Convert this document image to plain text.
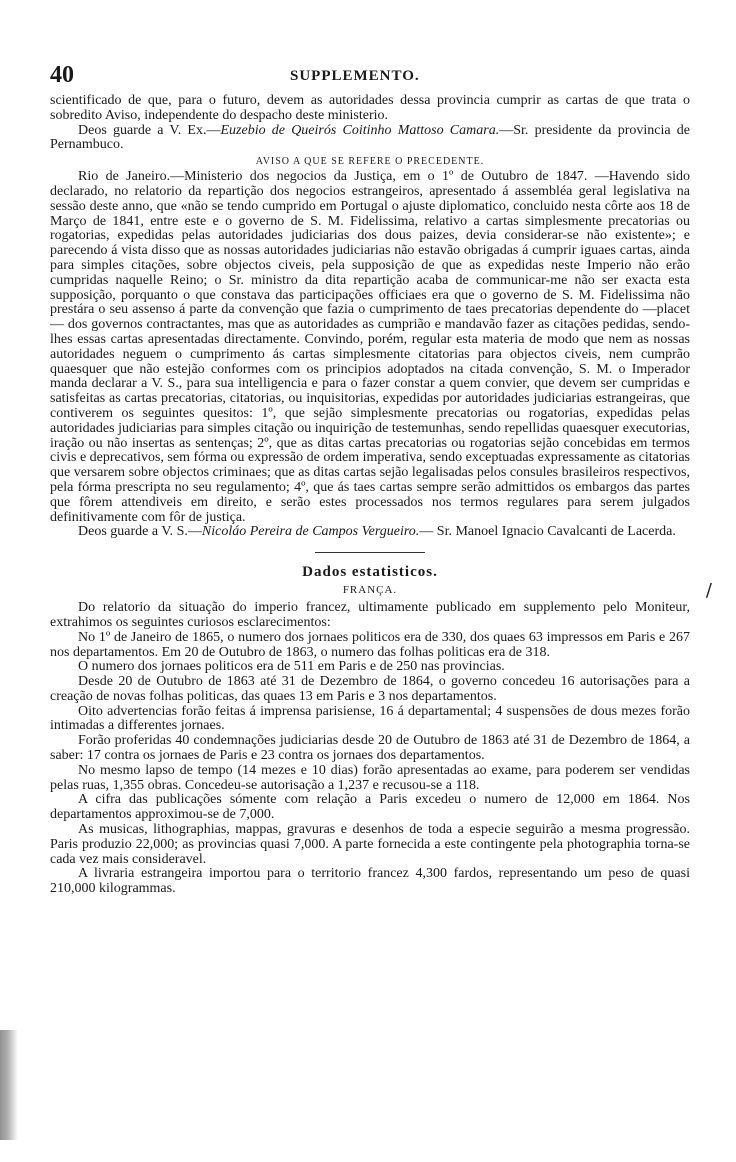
40	SUPPLEMENTO.

scientificado de que, para o futuro, devem as autoridades dessa provincia cumprir as cartas de que trata o sobredito Aviso, independente do despacho deste ministerio.

Deos guarde a V. Ex.—Euzebio de Queirós Coitinho Mattoso Camara.—Sr. presidente da provincia de Pernambuco.

AVISO A QUE SE REFERE O PRECEDENTE.

Rio de Janeiro.—Ministerio dos negocios da Justiça, em o 1º de Outubro de 1847. —Havendo sido declarado, no relatorio da repartição dos negocios estrangeiros, apresentado á assembléa geral legislativa na sessão deste anno, que «não se tendo cumprido em Portugal o ajuste diplomatico, concluido nesta côrte aos 18 de Março de 1841, entre este e o governo de S. M. Fidelissima, relativo a cartas simplesmente precatorias ou rogatorias, expedidas pelas autoridades judiciarias dos dous paizes, devia considerar-se não existente»; e parecendo á vista disso que as nossas autoridades judiciarias não estavão obrigadas á cumprir iguaes cartas, ainda para simples citações, sobre objectos civeis, pela supposição de que as expedidas neste Imperio não erão cumpridas naquelle Reino; o Sr. ministro da dita repartição acaba de communicar-me não ser exacta esta supposição, porquanto o que constava das participações officiaes era que o governo de S. M. Fidelissima não prestára o seu assenso á parte da convenção que fazia o cumprimento de taes precatorias dependente do —placet— dos governos contractantes, mas que as autoridades as cumprião e mandavão fazer as citações pedidas, sendo-lhes essas cartas apresentadas directamente. Convindo, porém, regular esta materia de modo que nem as nossas autoridades neguem o cumprimento ás cartas simplesmente citatorias para objectos civeis, nem cumprão quaesquer que não estejão conformes com os principios adoptados na citada convenção, S. M. o Imperador manda declarar a V. S., para sua intelligencia e para o fazer constar a quem convier, que devem ser cumpridas e satisfeitas as cartas precatorias, citatorias, ou inquisitorias, expedidas por autoridades judiciarias estrangeiras, que contiverem os seguintes quesitos: 1º, que sejão simplesmente precatorias ou rogatorias, expedidas pelas autoridades judiciarias para simples citação ou inquirição de testemunhas, sendo repellidas quaesquer executorias, iração ou não insertas as sentenças; 2º, que as ditas cartas precatorias ou rogatorias sejão concebidas em termos civis e deprecativos, sem fórma ou expressão de ordem imperativa, sendo exceptuadas expressamente as citatorias que versarem sobre objectos criminaes; que as ditas cartas sejão legalisadas pelos consules brasileiros respectivos, pela fórma prescripta no seu regulamento; 4º, que ás taes cartas sempre serão admittidos os embargos das partes que fôrem attendiveis em direito, e serão estes processados nos termos regulares para serem julgados definitivamente com fôr de justiça.

Deos guarde a V. S.—Nicoláo Pereira de Campos Vergueiro.— Sr. Manoel Ignacio Cavalcanti de Lacerda.

Dados estatisticos.
FRANÇA.

Do relatorio da situação do imperio francez, ultimamente publicado em supplemento pelo Moniteur, extrahimos os seguintes curiosos esclarecimentos:

No 1º de Janeiro de 1865, o numero dos jornaes politicos era de 330, dos quaes 63 impressos em Paris e 267 nos departamentos. Em 20 de Outubro de 1863, o numero das folhas politicas era de 318.

O numero dos jornaes politicos era de 511 em Paris e de 250 nas provincias.

Desde 20 de Outubro de 1863 até 31 de Dezembro de 1864, o governo concedeu 16 autorisações para a creação de novas folhas politicas, das quaes 13 em Paris e 3 nos departamentos.

Oito advertencias forão feitas á imprensa parisiense, 16 á departamental; 4 suspensões de dous mezes forão intimadas a differentes jornaes.

Forão proferidas 40 condemnações judiciarias desde 20 de Outubro de 1863 até 31 de Dezembro de 1864, a saber: 17 contra os jornaes de Paris e 23 contra os jornaes dos departamentos.

No mesmo lapso de tempo (14 mezes e 10 dias) forão apresentadas ao exame, para poderem ser vendidas pelas ruas, 1,355 obras. Concedeu-se autorisação a 1,237 e recusou-se a 118.

A cifra das publicações sómente com relação a Paris excedeu o numero de 12,000 em 1864. Nos departamentos approximou-se de 7,000.

As musicas, lithographias, mappas, gravuras e desenhos de toda a especie seguirão a mesma progressão. Paris produzio 22,000; as provincias quasi 7,000. A parte fornecida a este contingente pela photographia torna-se cada vez mais consideravel.

A livraria estrangeira importou para o territorio francez 4,300 fardos, representando um peso de quasi 210,000 kilogrammas.

/
